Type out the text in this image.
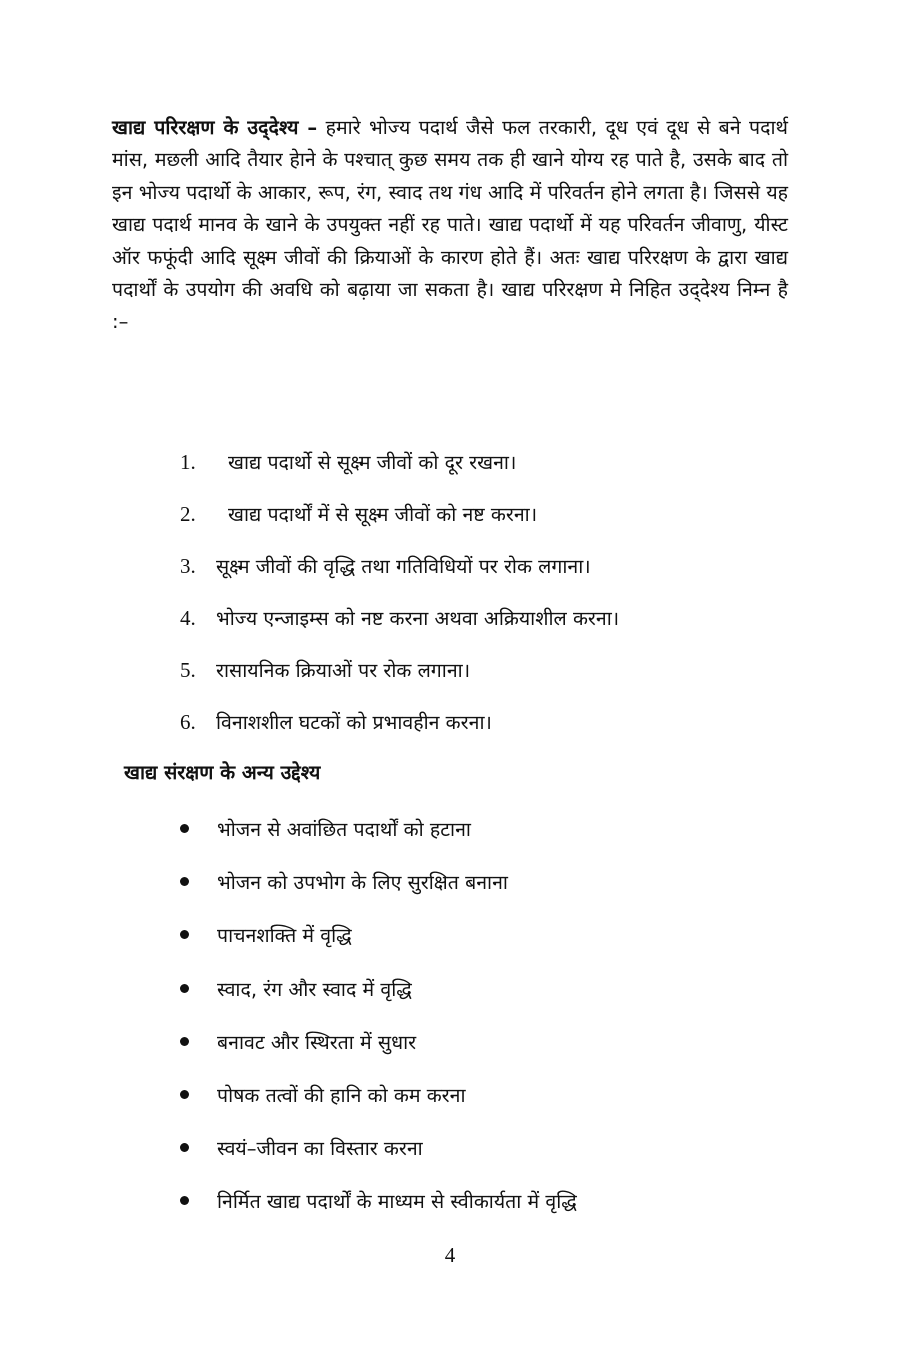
खाद्य परिरक्षण के उद्‌देश्य – हमारे भोज्य पदार्थ जैसे फल तरकारी, दूध एवं दूध से बने पदार्थ मांस, मछली आदि तैयार हेाने के पश्चात्‌ कुछ समय तक ही खाने योग्य रह पाते है, उसके बाद तो इन भोज्य पदार्थो के आकार, रूप, रंग, स्वाद तथ गंध आदि में परिवर्तन होने लगता है। जिससे यह खाद्य पदार्थ मानव के खाने के उपयुक्त नहीं रह पाते। खाद्य पदार्थो में यह परिवर्तन जीवाणु, यीस्ट ऑर फफूंदी आदि सूक्ष्म जीवों की क्रियाओं के कारण होते हैं। अतः खाद्य परिरक्षण के द्वारा खाद्य पदार्थों के उपयोग की अवधि को बढ़ाया जा सकता है। खाद्य परिरक्षण मे निहित उद्‌देश्य निम्न है :–

1. खाद्य पदार्थो से सूक्ष्म जीवों को दूर रखना।
2. खाद्य पदार्थों में से सूक्ष्म जीवों को नष्ट करना।
3. सूक्ष्म जीवों की वृद्धि तथा गतिविधियों पर रोक लगाना।
4. भोज्य एन्जाइम्स को नष्ट करना अथवा अक्रियाशील करना।
5. रासायनिक क्रियाओं पर रोक लगाना।
6. विनाशशील घटकों को प्रभावहीन करना।
खाद्य संरक्षण के अन्य उद्देश्य
भोजन से अवांछित पदार्थों को हटाना
भोजन को उपभोग के लिए सुरक्षित बनाना
पाचनशक्ति में वृद्धि
स्वाद, रंग और स्वाद में वृद्धि
बनावट और स्थिरता में सुधार
पोषक तत्वों की हानि को कम करना
स्वयं–जीवन का विस्तार करना
निर्मित खाद्य पदार्थों के माध्यम से स्वीकार्यता में वृद्धि
4
